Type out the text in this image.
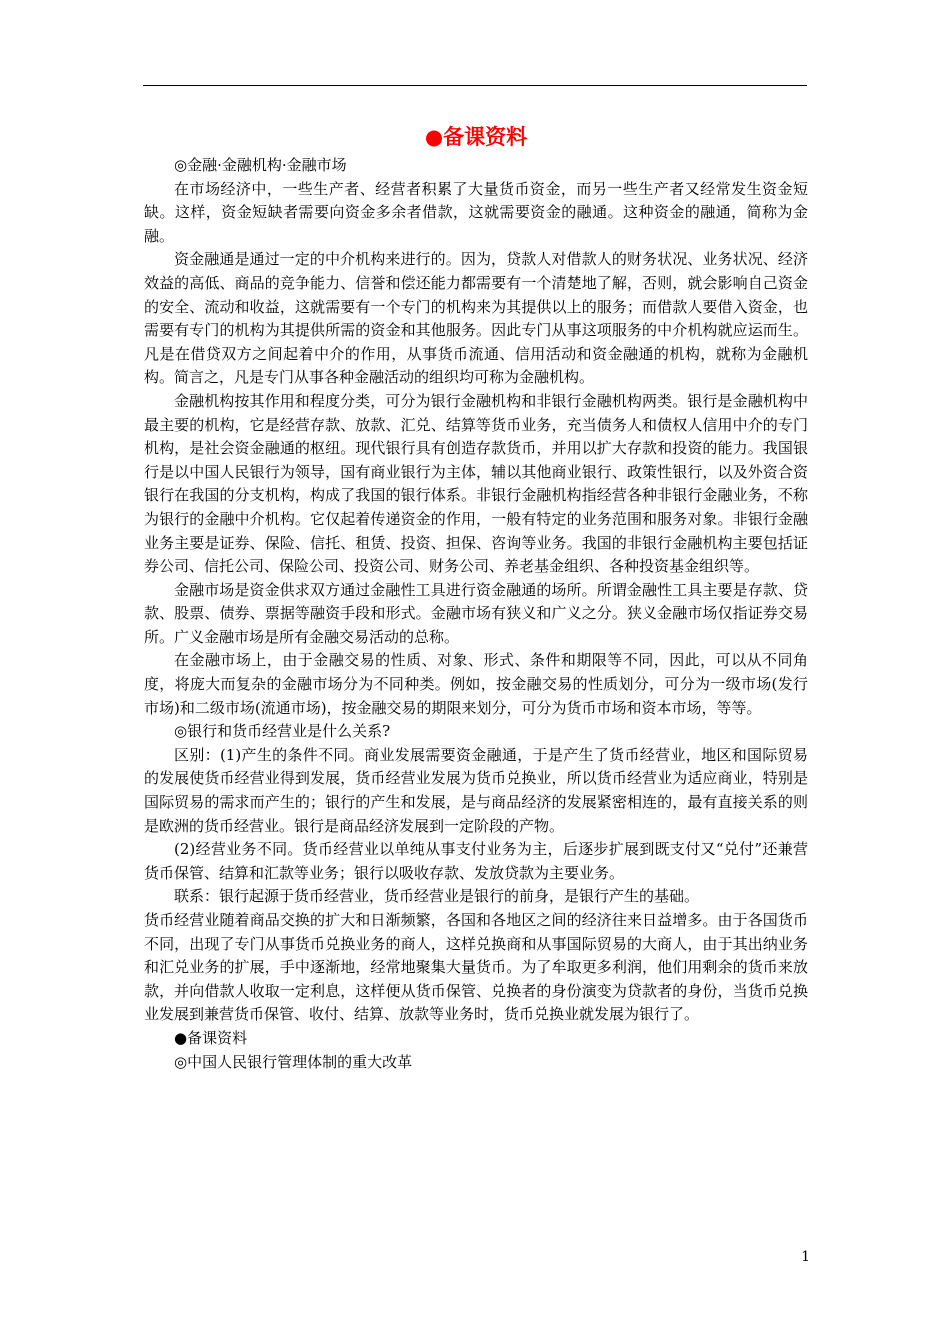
●备课资料

◎金融·金融机构·金融市场

在市场经济中，一些生产者、经营者积累了大量货币资金，而另一些生产者又经常发生资金短缺。这样，资金短缺者需要向资金多余者借款，这就需要资金的融通。这种资金的融通，简称为金融。

资金融通是通过一定的中介机构来进行的。因为，贷款人对借款人的财务状况、业务状况、经济效益的高低、商品的竞争能力、信誉和偿还能力都需要有一个清楚地了解，否则，就会影响自己资金的安全、流动和收益，这就需要有一个专门的机构来为其提供以上的服务；而借款人要借入资金，也需要有专门的机构为其提供所需的资金和其他服务。因此专门从事这项服务的中介机构就应运而生。凡是在借贷双方之间起着中介的作用，从事货币流通、信用活动和资金融通的机构，就称为金融机构。简言之，凡是专门从事各种金融活动的组织均可称为金融机构。

金融机构按其作用和程度分类，可分为银行金融机构和非银行金融机构两类。银行是金融机构中最主要的机构，它是经营存款、放款、汇兑、结算等货币业务，充当债务人和债权人信用中介的专门机构，是社会资金融通的枢纽。现代银行具有创造存款货币，并用以扩大存款和投资的能力。我国银行是以中国人民银行为领导，国有商业银行为主体，辅以其他商业银行、政策性银行，以及外资合资银行在我国的分支机构，构成了我国的银行体系。非银行金融机构指经营各种非银行金融业务，不称为银行的金融中介机构。它仅起着传递资金的作用，一般有特定的业务范围和服务对象。非银行金融业务主要是证券、保险、信托、租赁、投资、担保、咨询等业务。我国的非银行金融机构主要包括证券公司、信托公司、保险公司、投资公司、财务公司、养老基金组织、各种投资基金组织等。

金融市场是资金供求双方通过金融性工具进行资金融通的场所。所谓金融性工具主要是存款、贷款、股票、债券、票据等融资手段和形式。金融市场有狭义和广义之分。狭义金融市场仅指证券交易所。广义金融市场是所有金融交易活动的总称。

在金融市场上，由于金融交易的性质、对象、形式、条件和期限等不同，因此，可以从不同角度，将庞大而复杂的金融市场分为不同种类。例如，按金融交易的性质划分，可分为一级市场(发行市场)和二级市场(流通市场)，按金融交易的期限来划分，可分为货币市场和资本市场，等等。

◎银行和货币经营业是什么关系?

区别：(1)产生的条件不同。商业发展需要资金融通，于是产生了货币经营业，地区和国际贸易的发展使货币经营业得到发展，货币经营业发展为货币兑换业，所以货币经营业为适应商业，特别是国际贸易的需求而产生的；银行的产生和发展，是与商品经济的发展紧密相连的，最有直接关系的则是欧洲的货币经营业。银行是商品经济发展到一定阶段的产物。

(2)经营业务不同。货币经营业以单纯从事支付业务为主，后逐步扩展到既支付又“兑付”还兼营货币保管、结算和汇款等业务；银行以吸收存款、发放贷款为主要业务。

联系：银行起源于货币经营业，货币经营业是银行的前身，是银行产生的基础。

货币经营业随着商品交换的扩大和日渐频繁，各国和各地区之间的经济往来日益增多。由于各国货币不同，出现了专门从事货币兑换业务的商人，这样兑换商和从事国际贸易的大商人，由于其出纳业务和汇兑业务的扩展，手中逐渐地，经常地聚集大量货币。为了牟取更多利润，他们用剩余的货币来放款，并向借款人收取一定利息，这样便从货币保管、兑换者的身份演变为贷款者的身份，当货币兑换业发展到兼营货币保管、收付、结算、放款等业务时，货币兑换业就发展为银行了。

●备课资料

◎中国人民银行管理体制的重大改革

1
